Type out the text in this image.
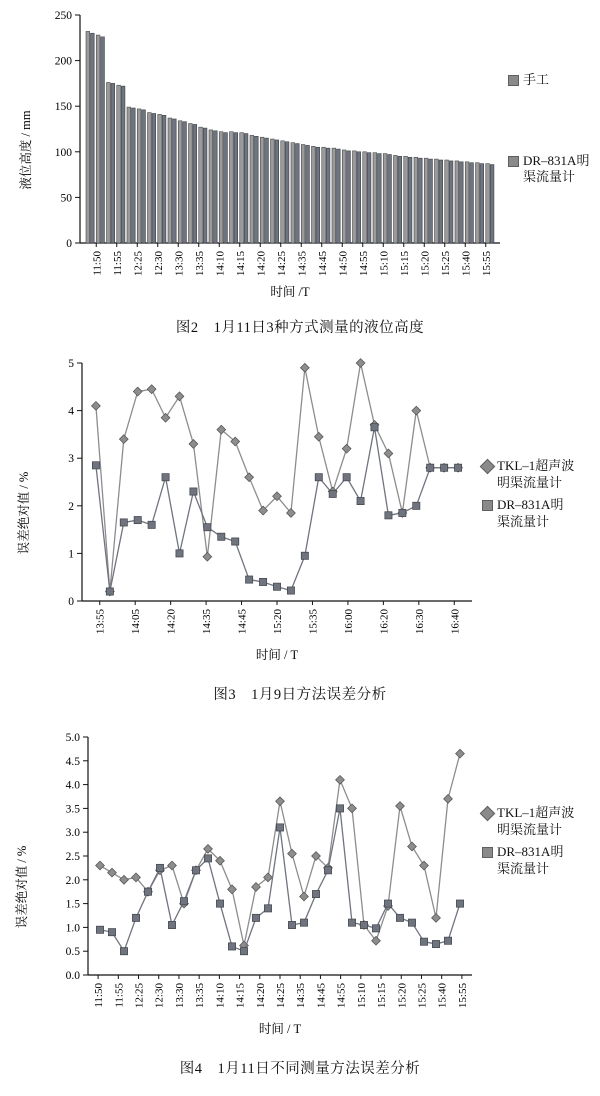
液位高度 / mm
0
50
100
150
200
250
11:50 11:55 12:25 12:30 13:30 13:35 14:10 14:15 14:20 14:25 14:35 14:45 14:50 14:55 15:10 15:15 15:20 15:25 15:40 15:55
时间 /T
手工
DR–831A明渠流量计
图2　1月11日3种方式测量的液位高度
误差绝对值 / %
0
1
2
3
4
5
13:55 14:05 14:20 14:35 14:45 15:20 15:35 16:00 16:20 16:30 16:40
时间 / T
TKL–1超声波明渠流量计
DR–831A明渠流量计
图3　1月9日方法误差分析
误差绝对值 / %
0.0
0.5
1.0
1.5
2.0
2.5
3.0
3.5
4.0
4.5
5.0
11:50 11:55 12:25 12:30 13:30 13:35 14:10 14:15 14:20 14:25 14:35 14:45 14:55 15:10 15:15 15:20 15:25 15:40 15:55
时间 / T
TKL–1超声波明渠流量计
DR–831A明渠流量计
图4　1月11日不同测量方法误差分析
